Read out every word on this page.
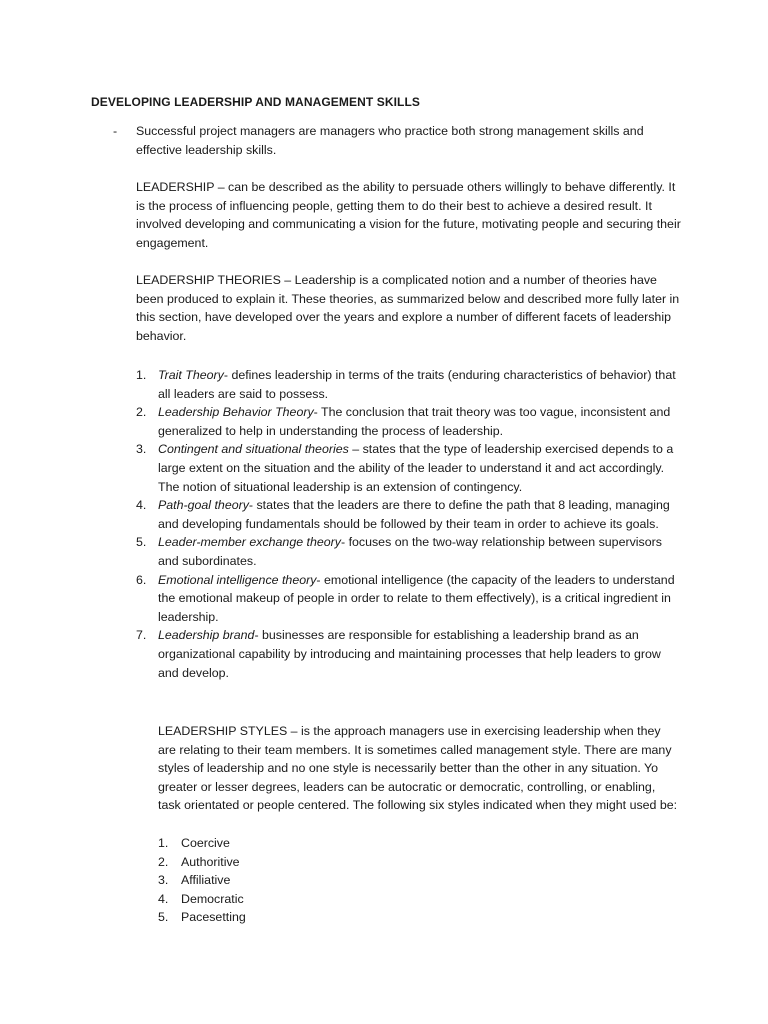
DEVELOPING LEADERSHIP AND MANAGEMENT SKILLS
- Successful project managers are managers who practice both strong management skills and effective leadership skills.
LEADERSHIP – can be described as the ability to persuade others willingly to behave differently. It is the process of influencing people, getting them to do their best to achieve a desired result. It involved developing and communicating a vision for the future, motivating people and securing their engagement.
LEADERSHIP THEORIES – Leadership is a complicated notion and a number of theories have been produced to explain it. These theories, as summarized below and described more fully later in this section, have developed over the years and explore a number of different facets of leadership behavior.
1. Trait Theory- defines leadership in terms of the traits (enduring characteristics of behavior) that all leaders are said to possess.
2. Leadership Behavior Theory- The conclusion that trait theory was too vague, inconsistent and generalized to help in understanding the process of leadership.
3. Contingent and situational theories – states that the type of leadership exercised depends to a large extent on the situation and the ability of the leader to understand it and act accordingly. The notion of situational leadership is an extension of contingency.
4. Path-goal theory- states that the leaders are there to define the path that 8 leading, managing and developing fundamentals should be followed by their team in order to achieve its goals.
5. Leader-member exchange theory- focuses on the two-way relationship between supervisors and subordinates.
6. Emotional intelligence theory- emotional intelligence (the capacity of the leaders to understand the emotional makeup of people in order to relate to them effectively), is a critical ingredient in leadership.
7. Leadership brand- businesses are responsible for establishing a leadership brand as an organizational capability by introducing and maintaining processes that help leaders to grow and develop.
LEADERSHIP STYLES – is the approach managers use in exercising leadership when they are relating to their team members. It is sometimes called management style. There are many styles of leadership and no one style is necessarily better than the other in any situation. Yo greater or lesser degrees, leaders can be autocratic or democratic, controlling, or enabling, task orientated or people centered. The following six styles indicated when they might used be:
1. Coercive
2. Authoritive
3. Affiliative
4. Democratic
5. Pacesetting
